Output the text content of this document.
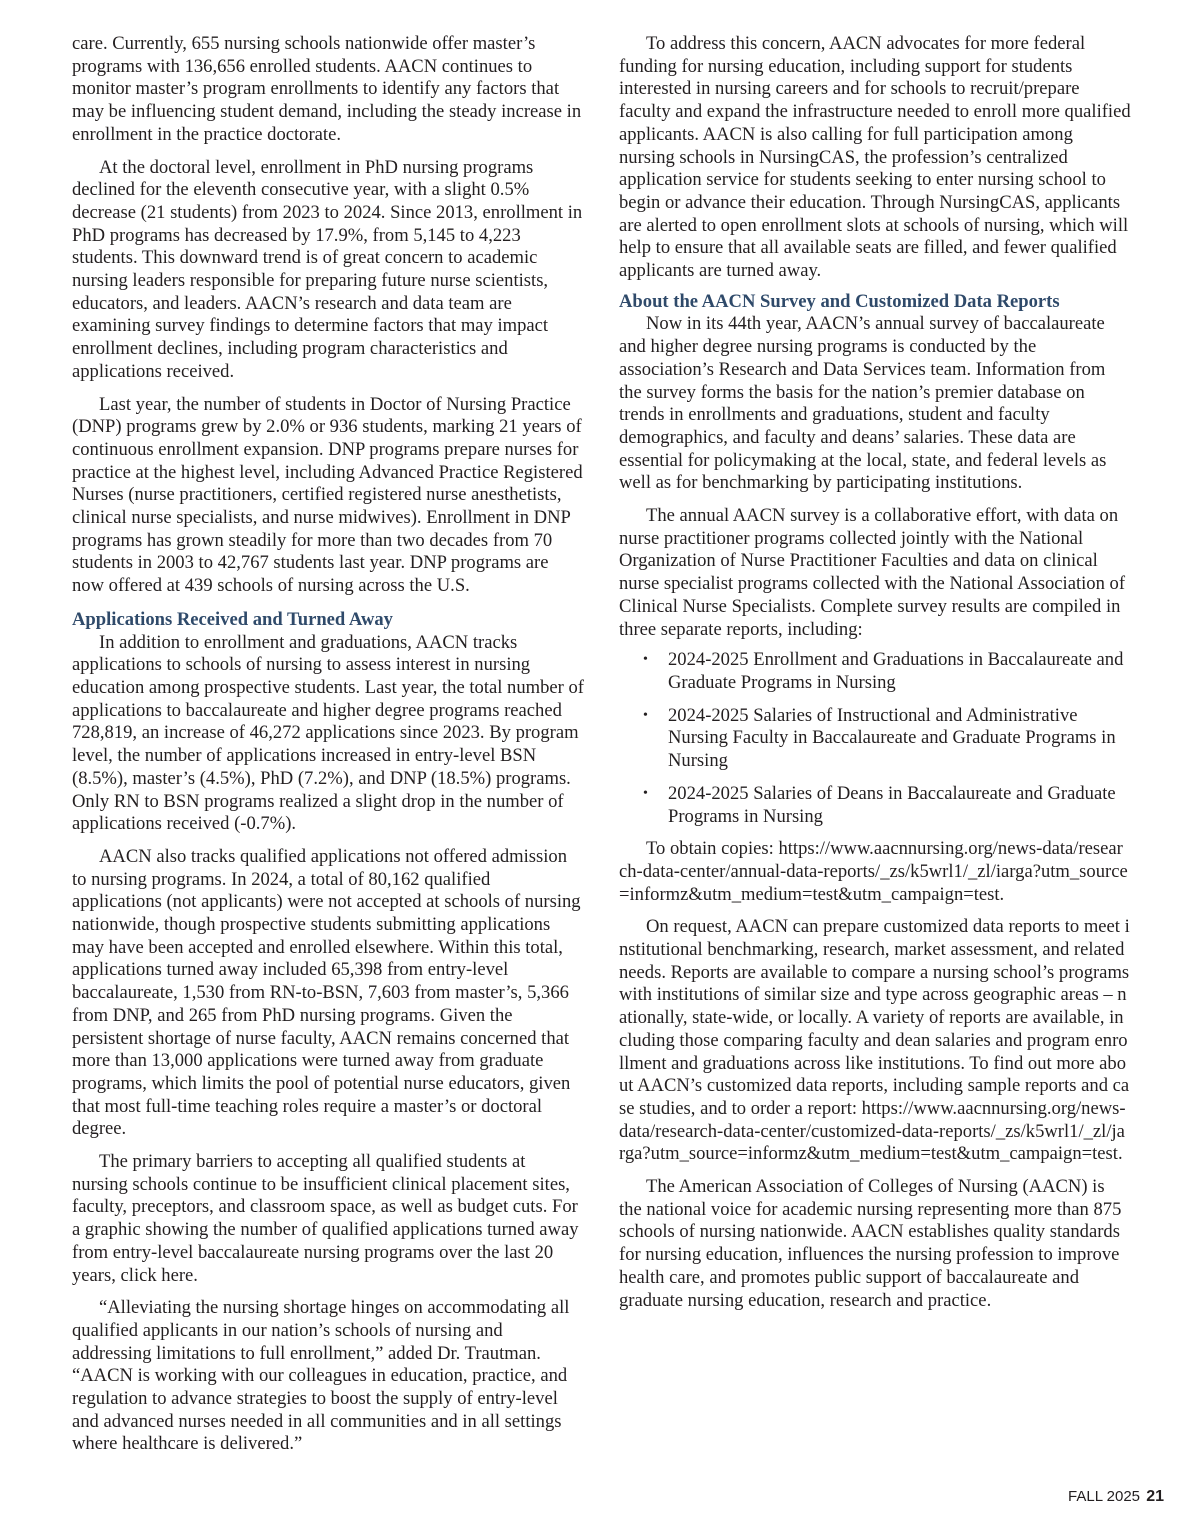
care. Currently, 655 nursing schools nationwide offer master’s programs with 136,656 enrolled students. AACN continues to monitor master’s program enrollments to identify any factors that may be influencing student demand, including the steady increase in enrollment in the practice doctorate.

At the doctoral level, enrollment in PhD nursing programs declined for the eleventh consecutive year, with a slight 0.5% decrease (21 students) from 2023 to 2024. Since 2013, enrollment in PhD programs has decreased by 17.9%, from 5,145 to 4,223 students. This downward trend is of great concern to academic nursing leaders responsible for preparing future nurse scientists, educators, and leaders. AACN’s research and data team are examining survey findings to determine factors that may impact enrollment declines, including program characteristics and applications received.

Last year, the number of students in Doctor of Nursing Practice (DNP) programs grew by 2.0% or 936 students, marking 21 years of continuous enrollment expansion. DNP programs prepare nurses for practice at the highest level, including Advanced Practice Registered Nurses (nurse practitioners, certified registered nurse anesthetists, clinical nurse specialists, and nurse midwives). Enrollment in DNP programs has grown steadily for more than two decades from 70 students in 2003 to 42,767 students last year. DNP programs are now offered at 439 schools of nursing across the U.S.

Applications Received and Turned Away

In addition to enrollment and graduations, AACN tracks applications to schools of nursing to assess interest in nursing education among prospective students. Last year, the total number of applications to baccalaureate and higher degree programs reached 728,819, an increase of 46,272 applications since 2023. By program level, the number of applications increased in entry-level BSN (8.5%), master’s (4.5%), PhD (7.2%), and DNP (18.5%) programs. Only RN to BSN programs realized a slight drop in the number of applications received (-0.7%).

AACN also tracks qualified applications not offered admission to nursing programs. In 2024, a total of 80,162 qualified applications (not applicants) were not accepted at schools of nursing nationwide, though prospective students submitting applications may have been accepted and enrolled elsewhere. Within this total, applications turned away included 65,398 from entry-level baccalaureate, 1,530 from RN-to-BSN, 7,603 from master’s, 5,366 from DNP, and 265 from PhD nursing programs. Given the persistent shortage of nurse faculty, AACN remains concerned that more than 13,000 applications were turned away from graduate programs, which limits the pool of potential nurse educators, given that most full-time teaching roles require a master’s or doctoral degree.

The primary barriers to accepting all qualified students at nursing schools continue to be insufficient clinical placement sites, faculty, preceptors, and classroom space, as well as budget cuts. For a graphic showing the number of qualified applications turned away from entry-level baccalaureate nursing programs over the last 20 years, click here.

“Alleviating the nursing shortage hinges on accommodating all qualified applicants in our nation’s schools of nursing and addressing limitations to full enrollment,” added Dr. Trautman. “AACN is working with our colleagues in education, practice, and regulation to advance strategies to boost the supply of entry-level and advanced nurses needed in all communities and in all settings where healthcare is delivered.”

To address this concern, AACN advocates for more federal funding for nursing education, including support for students interested in nursing careers and for schools to recruit/prepare faculty and expand the infrastructure needed to enroll more qualified applicants. AACN is also calling for full participation among nursing schools in NursingCAS, the profession’s centralized application service for students seeking to enter nursing school to begin or advance their education. Through NursingCAS, applicants are alerted to open enrollment slots at schools of nursing, which will help to ensure that all available seats are filled, and fewer qualified applicants are turned away.

About the AACN Survey and Customized Data Reports

Now in its 44th year, AACN’s annual survey of baccalaureate and higher degree nursing programs is conducted by the association’s Research and Data Services team. Information from the survey forms the basis for the nation’s premier database on trends in enrollments and graduations, student and faculty demographics, and faculty and deans’ salaries. These data are essential for policymaking at the local, state, and federal levels as well as for benchmarking by participating institutions.

The annual AACN survey is a collaborative effort, with data on nurse practitioner programs collected jointly with the National Organization of Nurse Practitioner Faculties and data on clinical nurse specialist programs collected with the National Association of Clinical Nurse Specialists. Complete survey results are compiled in three separate reports, including:

• 2024-2025 Enrollment and Graduations in Baccalaureate and Graduate Programs in Nursing
• 2024-2025 Salaries of Instructional and Administrative Nursing Faculty in Baccalaureate and Graduate Programs in Nursing
• 2024-2025 Salaries of Deans in Baccalaureate and Graduate Programs in Nursing

To obtain copies: https://www.aacnnursing.org/news-data/research-data-center/annual-data-reports/_zs/k5wrl1/_zl/iarga?utm_source=informz&utm_medium=test&utm_campaign=test.

On request, AACN can prepare customized data reports to meet institutional benchmarking, research, market assessment, and related needs. Reports are available to compare a nursing school’s programs with institutions of similar size and type across geographic areas – nationally, state-wide, or locally. A variety of reports are available, including those comparing faculty and dean salaries and program enrollment and graduations across like institutions. To find out more about AACN’s customized data reports, including sample reports and case studies, and to order a report: https://www.aacnnursing.org/news-data/research-data-center/customized-data-reports/_zs/k5wrl1/_zl/jarga?utm_source=informz&utm_medium=test&utm_campaign=test.

The American Association of Colleges of Nursing (AACN) is the national voice for academic nursing representing more than 875 schools of nursing nationwide. AACN establishes quality standards for nursing education, influences the nursing profession to improve health care, and promotes public support of baccalaureate and graduate nursing education, research and practice.

FALL 2025 21
